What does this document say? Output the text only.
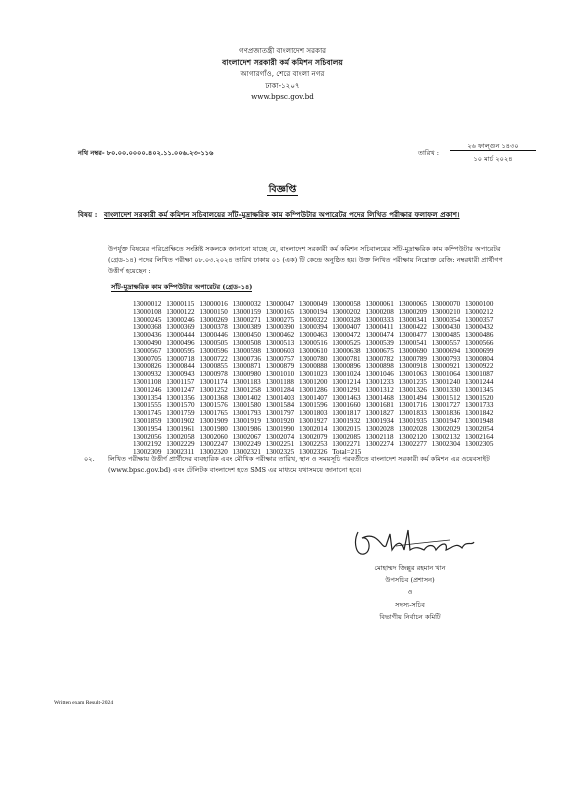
গণপ্রজাতন্ত্রী বাংলাদেশ সরকার
বাংলাদেশ সরকারী কর্ম কমিশন সচিবালয়
আগারগাঁও, শেরে বাংলা নগর
ঢাকা-১২০৭
www.bpsc.gov.bd
নথি নম্বর- ৮০.০০.০০০০.৪০২.১১.০০৬.২৩-১১৬	তারিখ :
২৬ ফাল্গুন ১৪৩০
১০ মার্চ ২০২৪
বিজ্ঞপ্তি
বিষয় : বাংলাদেশ সরকারী কর্ম কমিশন সচিবালয়ের সাঁট-মুদ্রাক্ষরিক কাম কম্পিউটার অপারেটর পদের লিখিত পরীক্ষার ফলাফল প্রকাশ।
উপর্যুক্ত বিষয়ের পরিপ্রেক্ষিতে সংশ্লিষ্ট সকলকে জানানো যাচ্ছে যে, বাংলাদেশ সরকারী কর্ম কমিশন সচিবালয়ের সাঁট-মুদ্রাক্ষরিক কাম কম্পিউটার অপারেটর (গ্রেড-১৪) পদের লিখিত পরীক্ষা ০৮.০৩.২০২৪ তারিখ ঢাকায় ০১ (এক) টি কেন্দ্রে অনুষ্ঠিত হয়। উক্ত লিখিত পরীক্ষায় নিম্নোক্ত রেজি: নম্বরধারী প্রার্থীগণ উত্তীর্ণ হয়েছেন :
সাঁট-মুদ্রাক্ষরিক কাম কম্পিউটার অপারেটর (গ্রেড-১৪)
13000012 13000115 13000016 13000032 13000047 13000049 13000058 13000061 13000065 13000070 13000100
13000108 13000122 13000150 13000159 13000165 13000194 13000202 13000208 13000209 13000210 13000212
13000245 13000246 13000269 13000271 13000275 13000322 13000328 13000333 13000341 13000354 13000357
13000368 13000369 13000378 13000389 13000390 13000394 13000407 13000411 13000422 13000430 13000432
13000436 13000444 13000446 13000450 13000462 13000463 13000472 13000474 13000477 13000485 13000486
13000490 13000496 13000505 13000508 13000513 13000516 13000525 13000539 13000541 13000557 13000566
13000567 13000595 13000596 13000598 13000603 13000610 13000638 13000675 13000690 13000694 13000699
13000705 13000718 13000722 13000736 13000757 13000780 13000781 13000782 13000789 13000793 13000804
13000826 13000844 13000855 13000871 13000879 13000888 13000896 13000898 13000918 13000921 13000922
13000932 13000943 13000978 13000980 13001010 13001023 13001024 13001046 13001063 13001064 13001087
13001108 13001157 13001174 13001183 13001188 13001200 13001214 13001233 13001235 13001240 13001244
13001246 13001247 13001252 13001258 13001284 13001286 13001291 13001312 13001326 13001330 13001345
13001354 13001356 13001368 13001402 13001403 13001407 13001463 13001468 13001494 13001512 13001520
13001555 13001570 13001576 13001580 13001584 13001596 13001660 13001681 13001716 13001727 13001733
13001745 13001759 13001765 13001793 13001797 13001803 13001817 13001827 13001833 13001836 13001842
13001859 13001902 13001909 13001919 13001920 13001927 13001932 13001934 13001935 13001947 13001948
13001954 13001961 13001980 13001986 13001990 13002014 13002015 13002028 13002028 13002029 13002054
13002056 13002058 13002060 13002067 13002074 13002079 13002085 13002118 13002120 13002132 13002164
13002192 13002229 13002247 13002249 13002251 13002253 13002271 13002274 13002277 13002304 13002305
13002309 13002311 13002320 13002321 13002325 13002326 Total=215
০২. লিখিত পরীক্ষায় উত্তীর্ণ প্রার্থীদের ব্যবহারিক এবং মৌখিক পরীক্ষার তারিখ, স্থান ও সময়সূচি পরবর্তীতে বাংলাদেশ সরকারী কর্ম কমিশন এর ওয়েবসাইট (www.bpsc.gov.bd) এবং টেলিটক বাংলাদেশ হতে SMS এর মাধ্যমে যথাসময়ে জানানো হবে।
মোহাম্মদ জিল্লুর রহমান খান
উপসচিব (প্রশাসন)
ও
সদস্য-সচিব
বিভাগীয় নির্বাচন কমিটি
Written exam Result-2024
